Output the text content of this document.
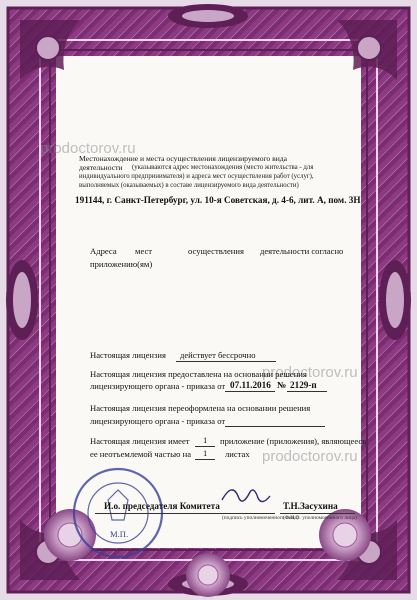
prodoctorov.ru
prodoctorov.ru
prodoctorov.ru
Местонахождение и места осуществления лицензируемого вида
деятельности (указываются адрес местонахождения (место жительства - для
индивидуального предпринимателя) и адреса мест осуществления работ (услуг),
выполняемых (оказываемых) в составе лицензируемого вида деятельности)
191144, г. Санкт-Петербург, ул. 10-я Советская, д. 4-6, лит. А, пом. 3Н
Адреса мест	осуществления деятельности согласно
приложению(ям)
Настоящая лицензия действует бессрочно
Настоящая лицензия предоставлена на основании решения
лицензирующего органа - приказа от 07.11.2016 № 2129-п
Настоящая лицензия переоформлена на основании решения
лицензирующего органа - приказа от
Настоящая лицензия имеет 1 приложение (приложения), являющееся
ее неотъемлемой частью на 1 листах
И.о. председателя Комитета	Т.Н.Засухина
(подпись уполномоченного лица)
(Ф.И.О. уполномоченного лица)
М.П.
